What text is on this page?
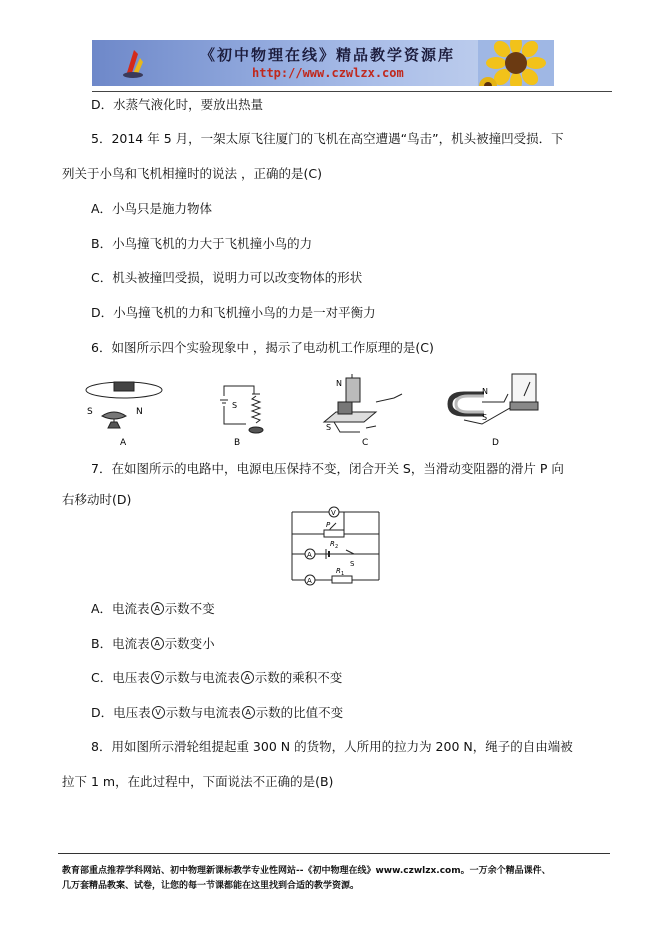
《初中物理在线》精品教学资源库
http://www.czwlzx.com
D．水蒸气液化时，要放出热量
5．2014 年 5 月，一架太原飞往厦门的飞机在高空遭遇“鸟击”，机头被撞凹受损．下
列关于小鸟和飞机相撞时的说法 ，正确的是(C)
A．小鸟只是施力物体
B．小鸟撞飞机的力大于飞机撞小鸟的力
C．机头被撞凹受损，说明力可以改变物体的形状
D．小鸟撞飞机的力和飞机撞小鸟的力是一对平衡力
6．如图所示四个实验现象中 ，揭示了电动机工作原理的是(C)
S	N
A
S
B
N
S
C
N
S
D
7．在如图所示的电路中，电源电压保持不变，闭合开关 S，当滑动变阻器的滑片 P 向
右移动时(D)
V
P
R 2
A
S
A
R 1
A．电流表 A 示数不变
B．电流表 A 示数变小
C．电压表 V 示数与电流表 A 示数的乘积不变
D．电压表 V 示数与电流表 A 示数的比值不变
8．用如图所示滑轮组提起重 300 N 的货物，人所用的拉力为 200 N，绳子的自由端被
拉下 1 m，在此过程中，下面说法不正确的是(B)
教育部重点推荐学科网站、初中物理新课标教学专业性网站--《初中物理在线》www.czwlzx.com。一万余个精品课件、
几万套精品教案、试卷，让您的每一节课都能在这里找到合适的教学资源。
